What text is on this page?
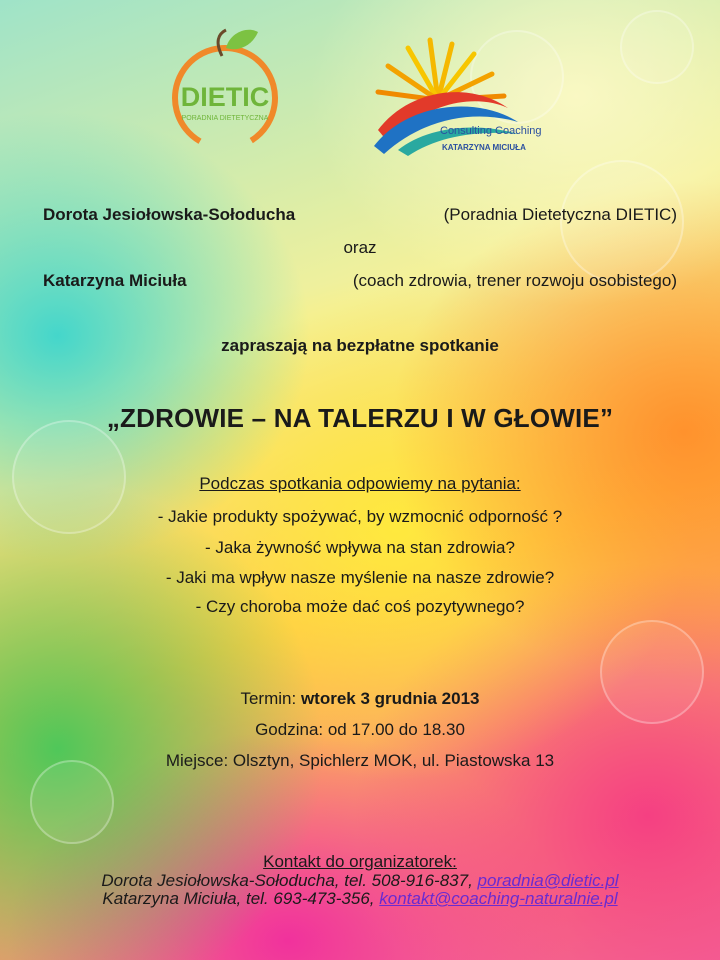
DIETIC
PORADNIA DIETETYCZNA
Consulting Coaching
KATARZYNA MICIUŁA
Dorota Jesiołowska-Sołoducha	(Poradnia Dietetyczna DIETIC)
oraz
Katarzyna Miciuła	(coach zdrowia, trener rozwoju osobistego)
zapraszają na bezpłatne spotkanie
„ZDROWIE – NA TALERZU I W GŁOWIE”
Podczas spotkania odpowiemy na pytania:
- Jakie produkty spożywać, by wzmocnić odporność ?
- Jaka żywność wpływa na stan zdrowia?
- Jaki ma wpływ nasze myślenie na nasze zdrowie?
- Czy choroba może dać coś pozytywnego?
Termin: wtorek 3 grudnia 2013
Godzina: od 17.00 do 18.30
Miejsce: Olsztyn, Spichlerz MOK, ul. Piastowska 13
Kontakt do organizatorek:
Dorota Jesiołowska-Sołoducha, tel. 508-916-837, poradnia@dietic.pl
Katarzyna Miciuła, tel. 693-473-356, kontakt@coaching-naturalnie.pl
